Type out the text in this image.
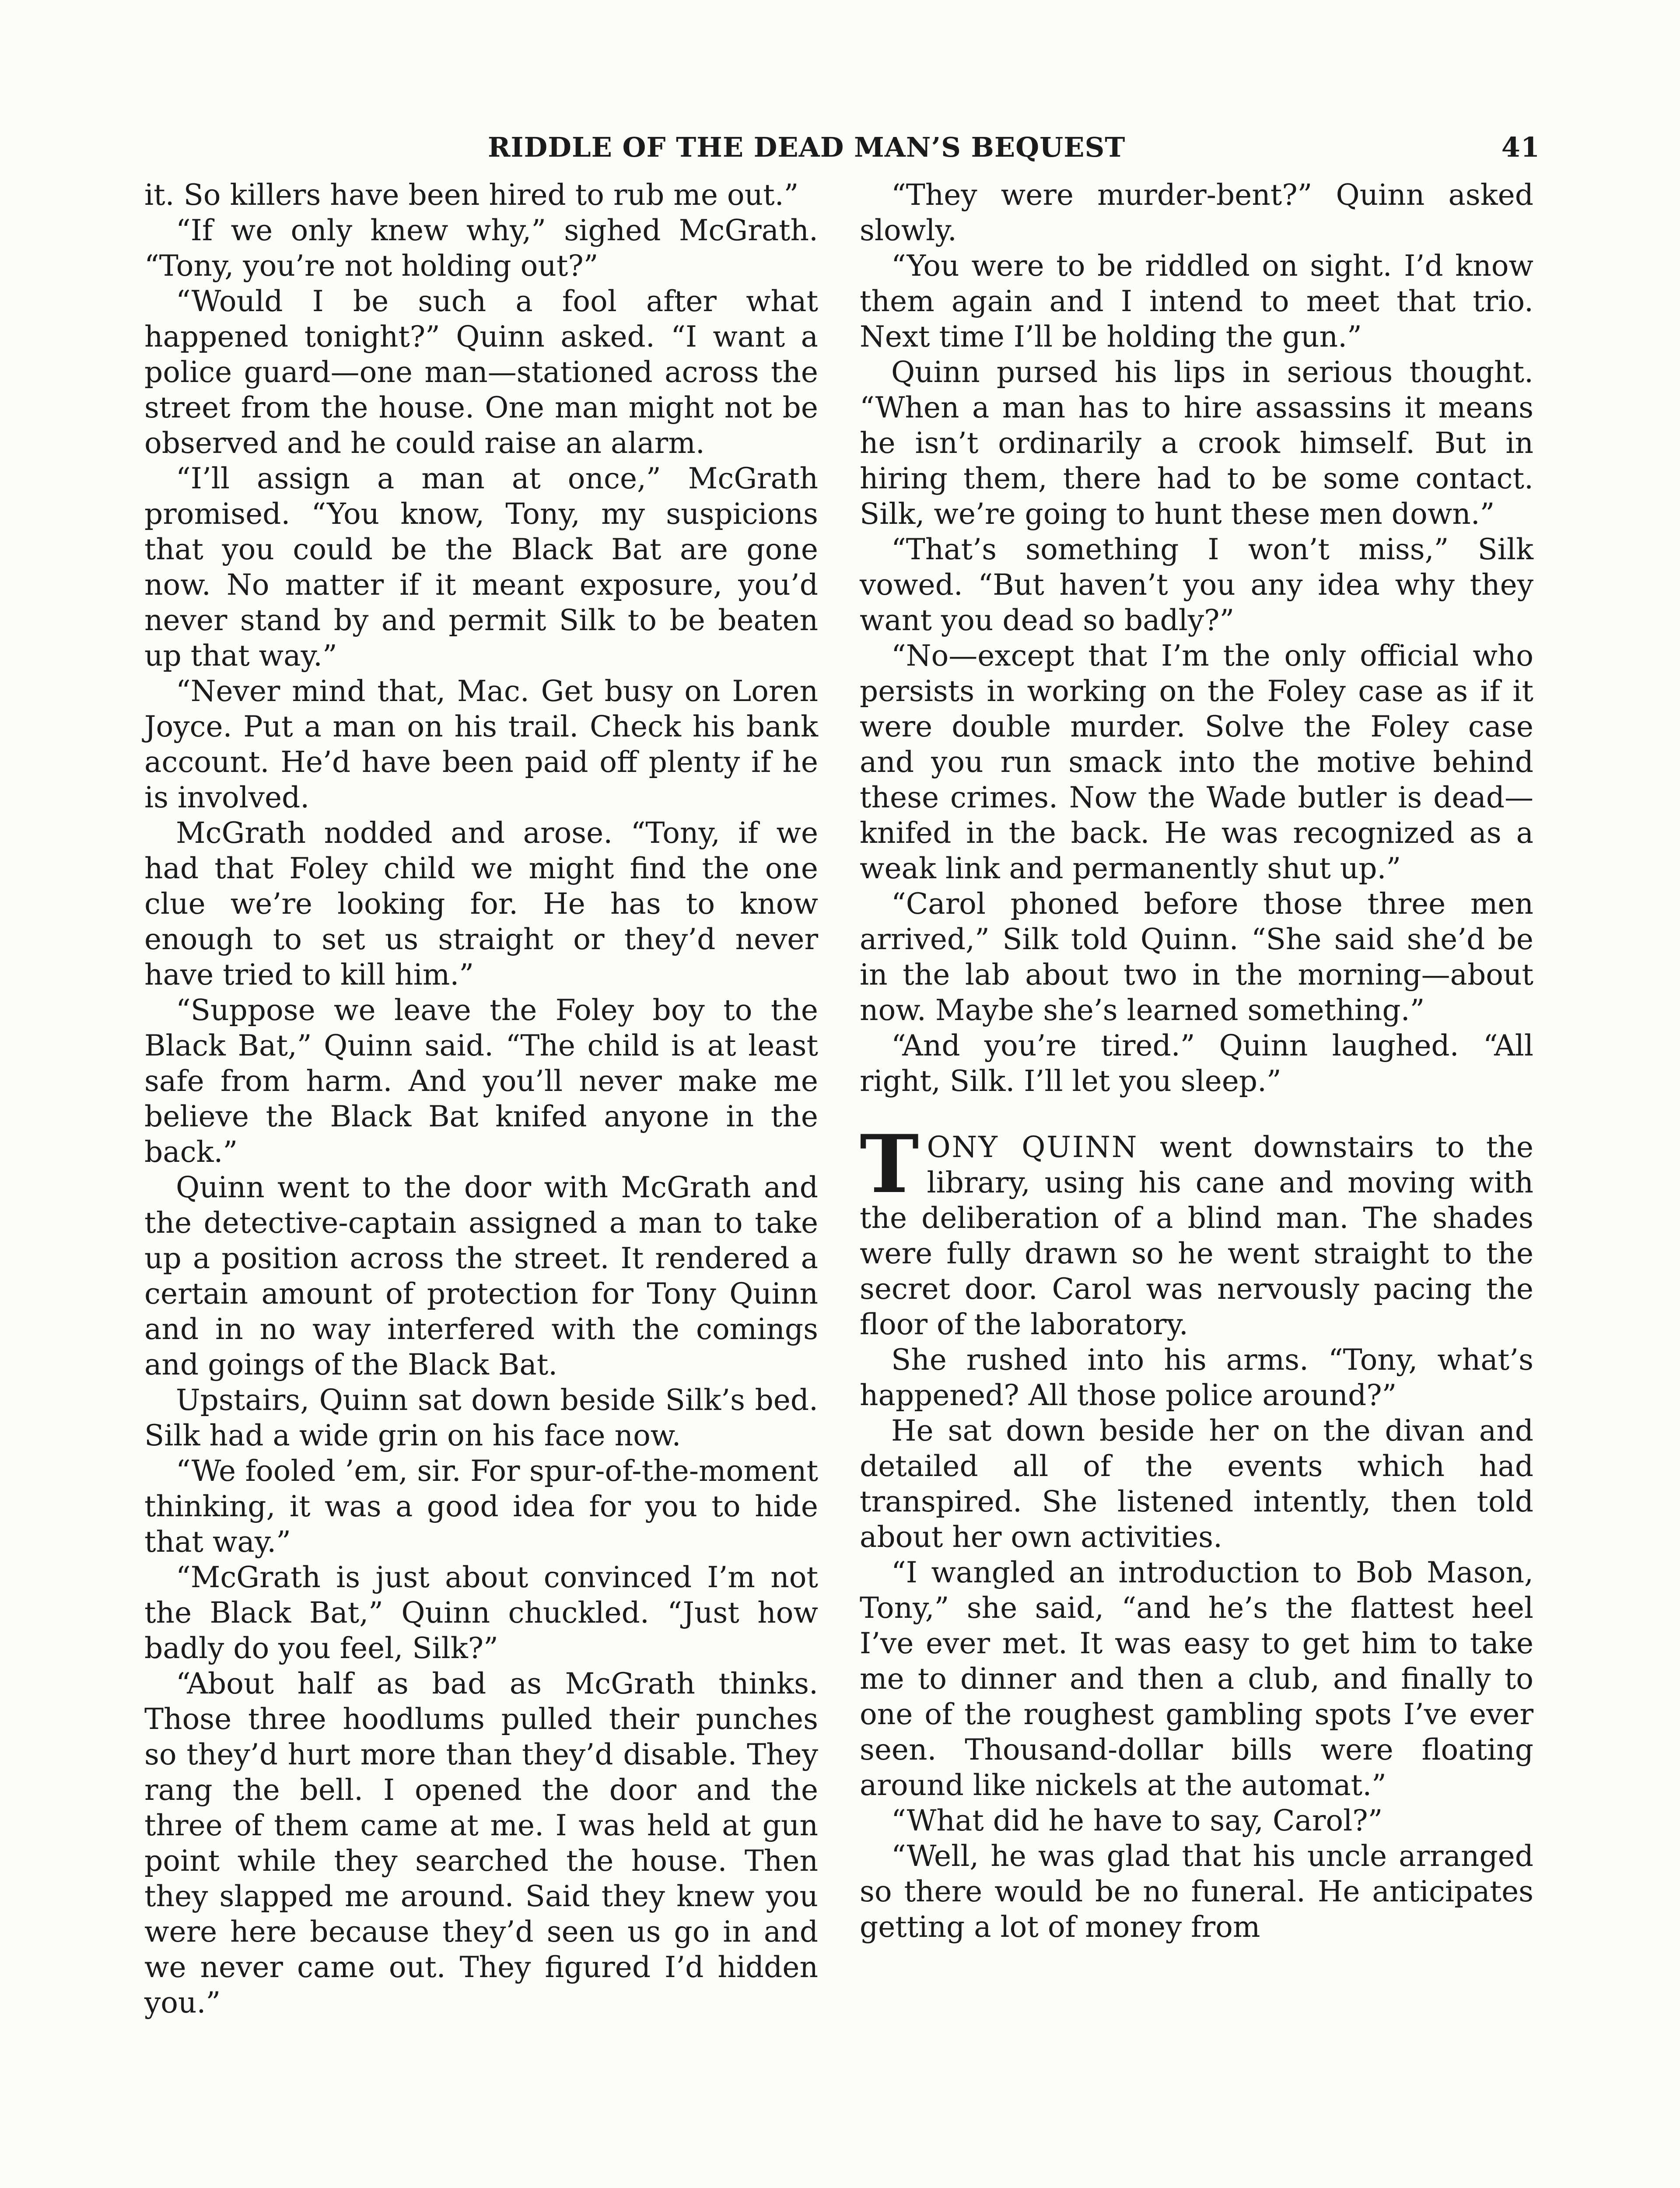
RIDDLE OF THE DEAD MAN’S BEQUEST	41

it. So killers have been hired to rub me out.”

“If we only knew why,” sighed McGrath. “Tony, you’re not holding out?”

“Would I be such a fool after what happened tonight?” Quinn asked. “I want a police guard—one man—stationed across the street from the house. One man might not be observed and he could raise an alarm.

“I’ll assign a man at once,” McGrath promised. “You know, Tony, my suspicions that you could be the Black Bat are gone now. No matter if it meant exposure, you’d never stand by and permit Silk to be beaten up that way.”

“Never mind that, Mac. Get busy on Loren Joyce. Put a man on his trail. Check his bank account. He’d have been paid off plenty if he is involved.

McGrath nodded and arose. “Tony, if we had that Foley child we might find the one clue we’re looking for. He has to know enough to set us straight or they’d never have tried to kill him.”

“Suppose we leave the Foley boy to the Black Bat,” Quinn said. “The child is at least safe from harm. And you’ll never make me believe the Black Bat knifed anyone in the back.”

Quinn went to the door with McGrath and the detective-captain assigned a man to take up a position across the street. It rendered a certain amount of protection for Tony Quinn and in no way interfered with the comings and goings of the Black Bat.

Upstairs, Quinn sat down beside Silk’s bed. Silk had a wide grin on his face now.

“We fooled ’em, sir. For spur-of-the-moment thinking, it was a good idea for you to hide that way.”

“McGrath is just about convinced I’m not the Black Bat,” Quinn chuckled. “Just how badly do you feel, Silk?”

“About half as bad as McGrath thinks. Those three hoodlums pulled their punches so they’d hurt more than they’d disable. They rang the bell. I opened the door and the three of them came at me. I was held at gun point while they searched the house. Then they slapped me around. Said they knew you were here because they’d seen us go in and we never came out. They figured I’d hidden you.”

“They were murder-bent?” Quinn asked slowly.

“You were to be riddled on sight. I’d know them again and I intend to meet that trio. Next time I’ll be holding the gun.”

Quinn pursed his lips in serious thought. “When a man has to hire assassins it means he isn’t ordinarily a crook himself. But in hiring them, there had to be some contact. Silk, we’re going to hunt these men down.”

“That’s something I won’t miss,” Silk vowed. “But haven’t you any idea why they want you dead so badly?”

“No—except that I’m the only official who persists in working on the Foley case as if it were double murder. Solve the Foley case and you run smack into the motive behind these crimes. Now the Wade butler is dead—knifed in the back. He was recognized as a weak link and permanently shut up.”

“Carol phoned before those three men arrived,” Silk told Quinn. “She said she’d be in the lab about two in the morning—about now. Maybe she’s learned something.”

“And you’re tired.” Quinn laughed. “All right, Silk. I’ll let you sleep.”

TONY QUINN went downstairs to the library, using his cane and moving with the deliberation of a blind man. The shades were fully drawn so he went straight to the secret door. Carol was nervously pacing the floor of the laboratory.

She rushed into his arms. “Tony, what’s happened? All those police around?”

He sat down beside her on the divan and detailed all of the events which had transpired. She listened intently, then told about her own activities.

“I wangled an introduction to Bob Mason, Tony,” she said, “and he’s the flattest heel I’ve ever met. It was easy to get him to take me to dinner and then a club, and finally to one of the roughest gambling spots I’ve ever seen. Thousand-dollar bills were floating around like nickels at the automat.”

“What did he have to say, Carol?”

“Well, he was glad that his uncle arranged so there would be no funeral. He anticipates getting a lot of money from
